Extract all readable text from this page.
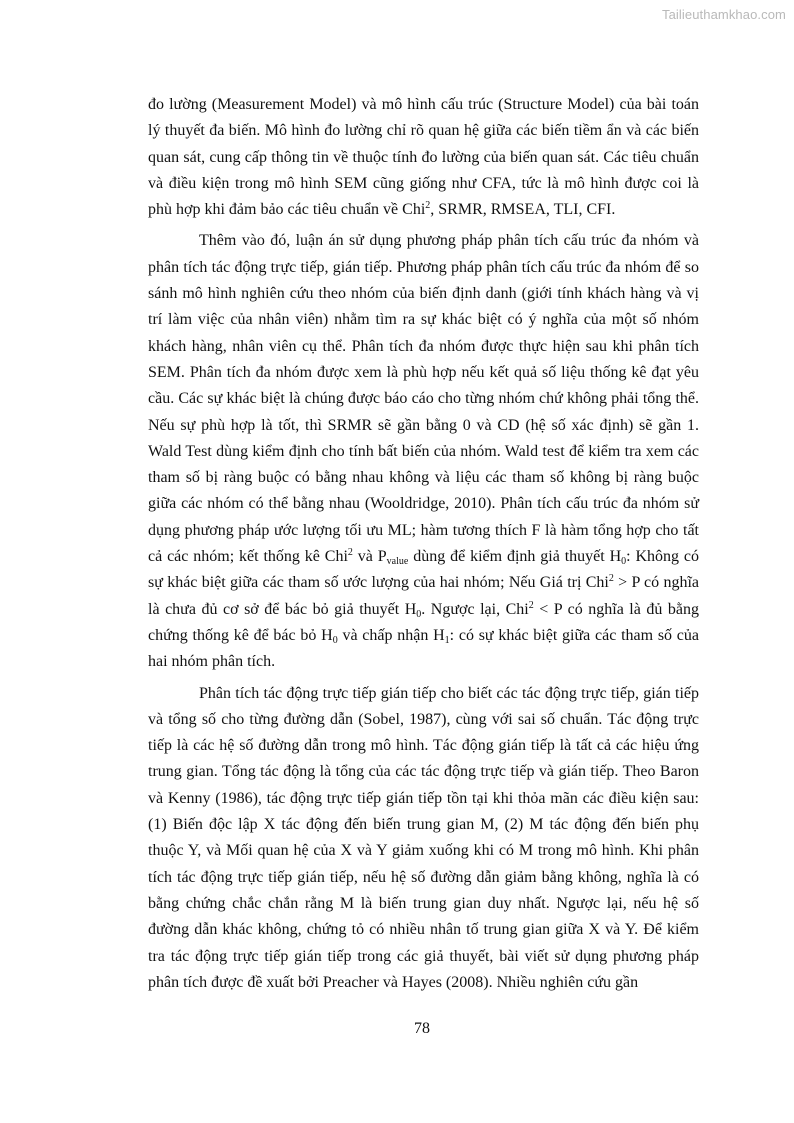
Tailieuthamkhao.com

đo lường (Measurement Model) và mô hình cấu trúc (Structure Model) của bài toán lý thuyết đa biến. Mô hình đo lường chỉ rõ quan hệ giữa các biến tiềm ẩn và các biến quan sát, cung cấp thông tin về thuộc tính đo lường của biến quan sát. Các tiêu chuẩn và điều kiện trong mô hình SEM cũng giống như CFA, tức là mô hình được coi là phù hợp khi đảm bảo các tiêu chuẩn về Chi$^2$, SRMR, RMSEA, TLI, CFI.

Thêm vào đó, luận án sử dụng phương pháp phân tích cấu trúc đa nhóm và phân tích tác động trực tiếp, gián tiếp. Phương pháp phân tích cấu trúc đa nhóm để so sánh mô hình nghiên cứu theo nhóm của biến định danh (giới tính khách hàng và vị trí làm việc của nhân viên) nhằm tìm ra sự khác biệt có ý nghĩa của một số nhóm khách hàng, nhân viên cụ thể. Phân tích đa nhóm được thực hiện sau khi phân tích SEM. Phân tích đa nhóm được xem là phù hợp nếu kết quả số liệu thống kê đạt yêu cầu. Các sự khác biệt là chúng được báo cáo cho từng nhóm chứ không phải tổng thể. Nếu sự phù hợp là tốt, thì SRMR sẽ gần bằng 0 và CD (hệ số xác định) sẽ gần 1. Wald Test dùng kiểm định cho tính bất biến của nhóm. Wald test để kiểm tra xem các tham số bị ràng buộc có bằng nhau không và liệu các tham số không bị ràng buộc giữa các nhóm có thể bằng nhau (Wooldridge, 2010). Phân tích cấu trúc đa nhóm sử dụng phương pháp ước lượng tối ưu ML; hàm tương thích F là hàm tổng hợp cho tất cả các nhóm; kết thống kê Chi$^2$ và $P_{value}$ dùng để kiểm định giả thuyết $H_0$: Không có sự khác biệt giữa các tham số ước lượng của hai nhóm; Nếu Giá trị Chi$^2$ > P có nghĩa là chưa đủ cơ sở để bác bỏ giả thuyết $H_0$. Ngược lại, Chi$^2$ < P có nghĩa là đủ bằng chứng thống kê để bác bỏ $H_0$ và chấp nhận $H_1$: có sự khác biệt giữa các tham số của hai nhóm phân tích.

Phân tích tác động trực tiếp gián tiếp cho biết các tác động trực tiếp, gián tiếp và tổng số cho từng đường dẫn (Sobel, 1987), cùng với sai số chuẩn. Tác động trực tiếp là các hệ số đường dẫn trong mô hình. Tác động gián tiếp là tất cả các hiệu ứng trung gian. Tổng tác động là tổng của các tác động trực tiếp và gián tiếp. Theo Baron và Kenny (1986), tác động trực tiếp gián tiếp tồn tại khi thỏa mãn các điều kiện sau: (1) Biến độc lập X tác động đến biến trung gian M, (2) M tác động đến biến phụ thuộc Y, và Mối quan hệ của X và Y giảm xuống khi có M trong mô hình. Khi phân tích tác động trực tiếp gián tiếp, nếu hệ số đường dẫn giảm bằng không, nghĩa là có bằng chứng chắc chắn rằng M là biến trung gian duy nhất. Ngược lại, nếu hệ số đường dẫn khác không, chứng tỏ có nhiều nhân tố trung gian giữa X và Y. Để kiểm tra tác động trực tiếp gián tiếp trong các giả thuyết, bài viết sử dụng phương pháp phân tích được đề xuất bởi Preacher và Hayes (2008). Nhiều nghiên cứu gần

78
